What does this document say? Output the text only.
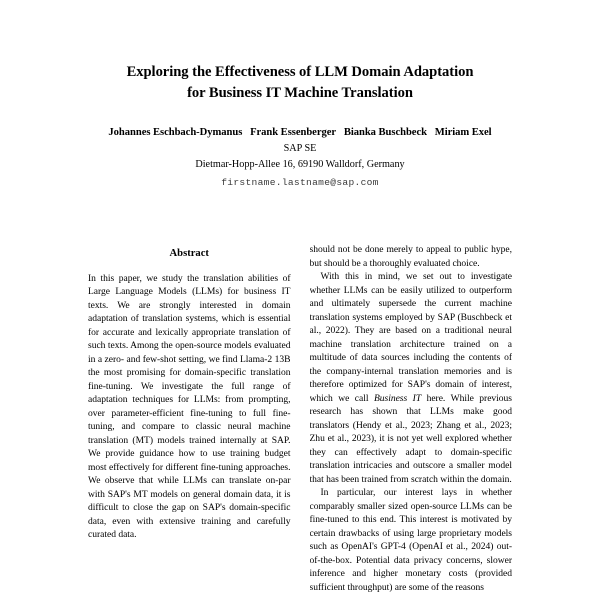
Exploring the Effectiveness of LLM Domain Adaptation
for Business IT Machine Translation
Johannes Eschbach-Dymanus Frank Essenberger Bianka Buschbeck Miriam Exel
SAP SE
Dietmar-Hopp-Allee 16, 69190 Walldorf, Germany
firstname.lastname@sap.com
Abstract

In this paper, we study the translation abilities of Large Language Models (LLMs) for business IT texts. We are strongly interested in domain adaptation of translation systems, which is essential for accurate and lexically appropriate translation of such texts. Among the open-source models evaluated in a zero- and few-shot setting, we find Llama-2 13B the most promising for domain-specific translation fine-tuning. We investigate the full range of adaptation techniques for LLMs: from prompting, over parameter-efficient fine-tuning to full fine-tuning, and compare to classic neural machine translation (MT) models trained internally at SAP. We provide guidance how to use training budget most effectively for different fine-tuning approaches. We observe that while LLMs can translate on-par with SAP's MT models on general domain data, it is difficult to close the gap on SAP's domain-specific data, even with extensive training and carefully curated data.

should not be done merely to appeal to public hype, but should be a thoroughly evaluated choice.

With this in mind, we set out to investigate whether LLMs can be easily utilized to outperform and ultimately supersede the current machine translation systems employed by SAP (Buschbeck et al., 2022). They are based on a traditional neural machine translation architecture trained on a multitude of data sources including the contents of the company-internal translation memories and is therefore optimized for SAP's domain of interest, which we call Business IT here. While previous research has shown that LLMs make good translators (Hendy et al., 2023; Zhang et al., 2023; Zhu et al., 2023), it is not yet well explored whether they can effectively adapt to domain-specific translation intricacies and outscore a smaller model that has been trained from scratch within the domain.

In particular, our interest lays in whether comparably smaller sized open-source LLMs can be fine-tuned to this end. This interest is motivated by certain drawbacks of using large proprietary models such as OpenAI's GPT-4 (OpenAI et al., 2024) out-of-the-box. Potential data privacy concerns, slower inference and higher monetary costs (provided sufficient throughput) are some of the reasons
